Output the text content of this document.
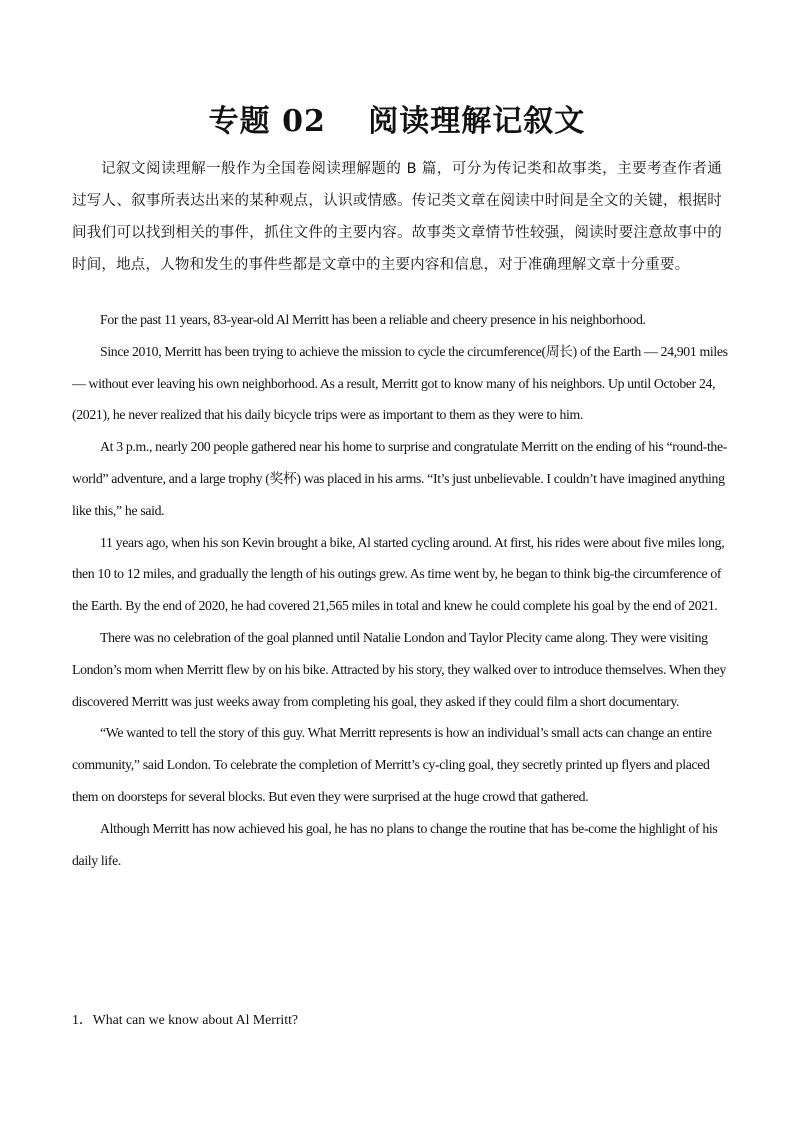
专题 02　 阅读理解记叙文
记叙文阅读理解一般作为全国卷阅读理解题的 B 篇，可分为传记类和故事类，主要考查作者通过写人、叙事所表达出来的某种观点，认识或情感。传记类文章在阅读中时间是全文的关键，根据时间我们可以找到相关的事件，抓住文件的主要内容。故事类文章情节性较强，阅读时要注意故事中的时间，地点，人物和发生的事件些都是文章中的主要内容和信息，对于准确理解文章十分重要。

For the past 11 years, 83-year-old Al Merritt has been a reliable and cheery presence in his neighborhood.

Since 2010, Merritt has been trying to achieve the mission to cycle the circumference(周长) of the Earth — 24,901 miles — without ever leaving his own neighborhood. As a result, Merritt got to know many of his neighbors. Up until October 24, (2021), he never realized that his daily bicycle trips were as important to them as they were to him.

At 3 p.m., nearly 200 people gathered near his home to surprise and congratulate Merritt on the ending of his “round-the-world” adventure, and a large trophy (奖杯) was placed in his arms. “It’s just unbelievable. I couldn’t have imagined anything like this,” he said.

11 years ago, when his son Kevin brought a bike, Al started cycling around. At first, his rides were about five miles long, then 10 to 12 miles, and gradually the length of his outings grew. As time went by, he began to think big-the circumference of the Earth. By the end of 2020, he had covered 21,565 miles in total and knew he could complete his goal by the end of 2021.

There was no celebration of the goal planned until Natalie London and Taylor Plecity came along. They were visiting London’s mom when Merritt flew by on his bike. Attracted by his story, they walked over to introduce themselves. When they discovered Merritt was just weeks away from completing his goal, they asked if they could film a short documentary.

“We wanted to tell the story of this guy. What Merritt represents is how an individual’s small acts can change an entire community,” said London. To celebrate the completion of Merritt’s cy-cling goal, they secretly printed up flyers and placed them on doorsteps for several blocks. But even they were surprised at the huge crowd that gathered.

Although Merritt has now achieved his goal, he has no plans to change the routine that has be-come the highlight of his daily life.

1．What can we know about Al Merritt?
